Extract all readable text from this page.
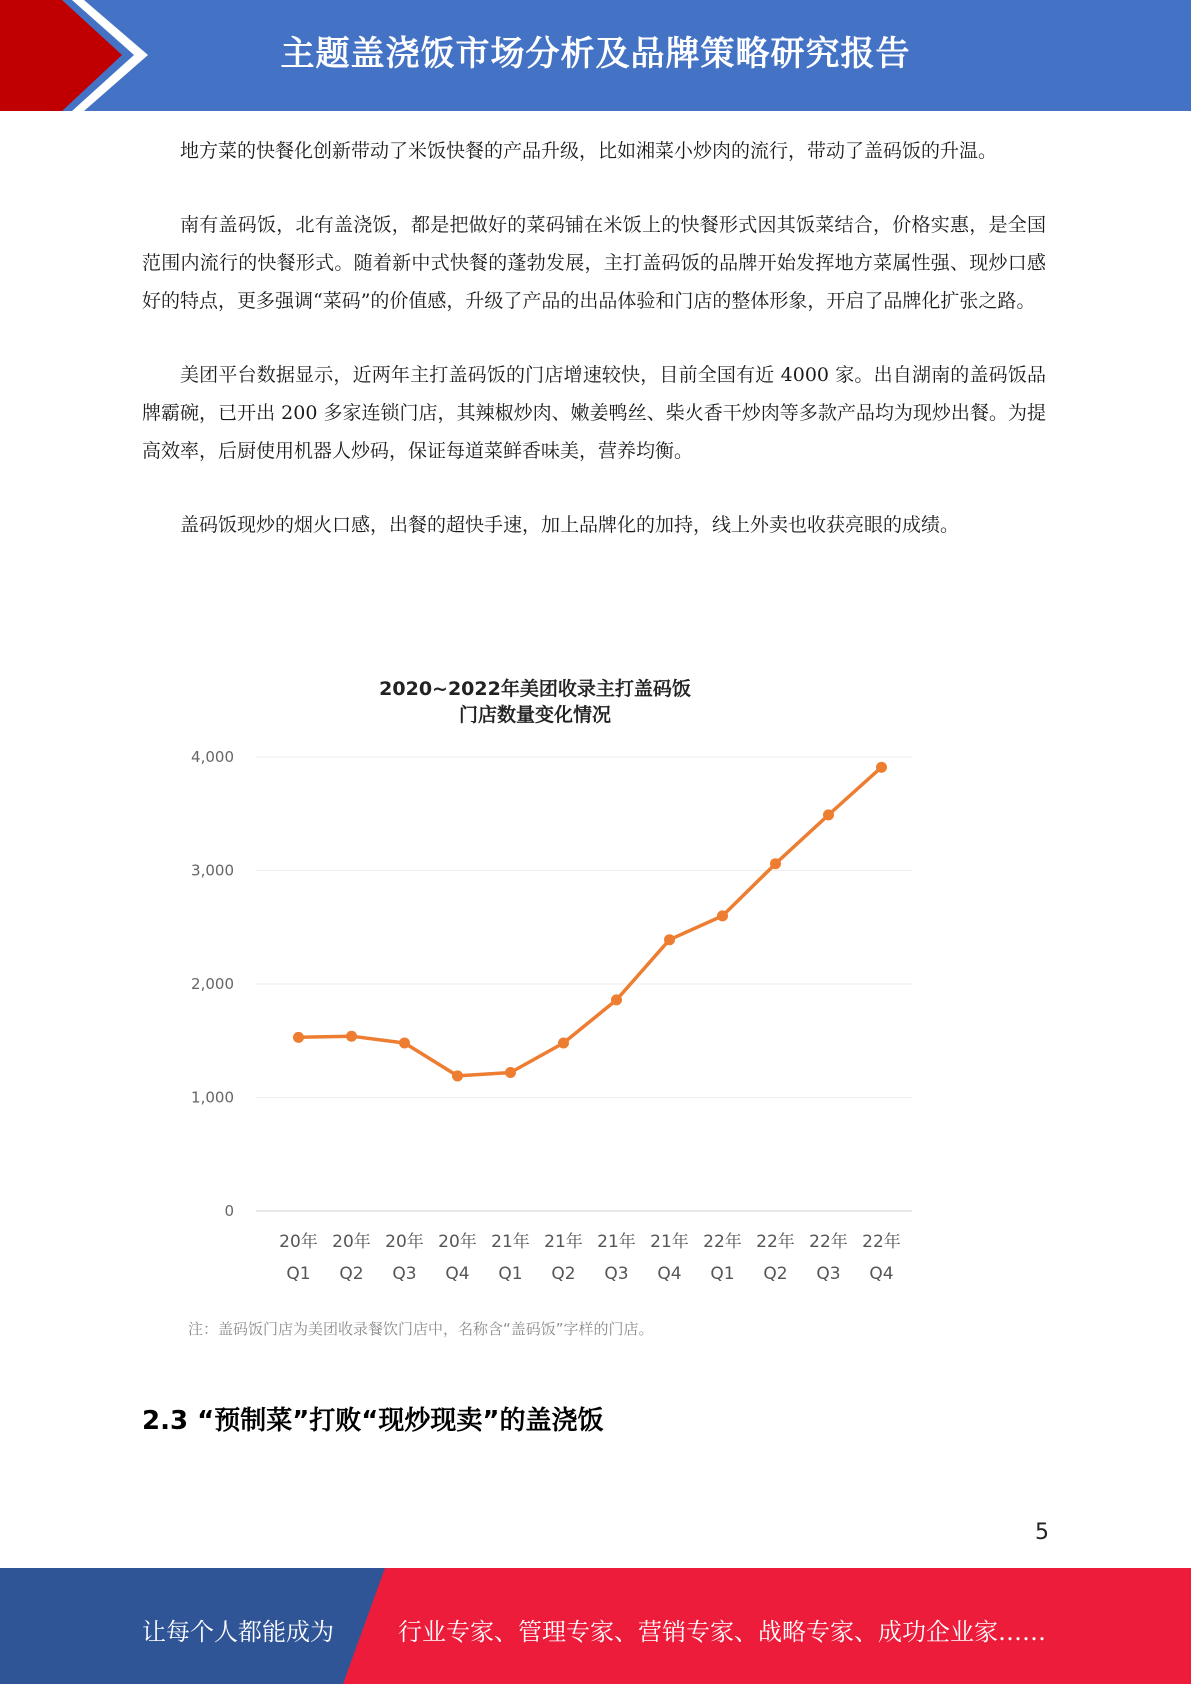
主题盖浇饭市场分析及品牌策略研究报告

地方菜的快餐化创新带动了米饭快餐的产品升级，比如湘菜小炒肉的流行，带动了盖码饭的升温。

南有盖码饭，北有盖浇饭，都是把做好的菜码铺在米饭上的快餐形式因其饭菜结合，价格实惠，是全国范围内流行的快餐形式。随着新中式快餐的蓬勃发展，主打盖码饭的品牌开始发挥地方菜属性强、现炒口感好的特点，更多强调“菜码”的价值感，升级了产品的出品体验和门店的整体形象，开启了品牌化扩张之路。

美团平台数据显示，近两年主打盖码饭的门店增速较快，目前全国有近 4000 家。出自湖南的盖码饭品牌霸碗，已开出 200 多家连锁门店，其辣椒炒肉、嫩姜鸭丝、柴火香干炒肉等多款产品均为现炒出餐。为提高效率，后厨使用机器人炒码，保证每道菜鲜香味美，营养均衡。

盖码饭现炒的烟火口感，出餐的超快手速，加上品牌化的加持，线上外卖也收获亮眼的成绩。

2020~2022年美团收录主打盖码饭
门店数量变化情况
0
1,000
2,000
3,000
4,000
20年
Q1
20年
Q2
20年
Q3
20年
Q4
21年
Q1
21年
Q2
21年
Q3
21年
Q4
22年
Q1
22年
Q2
22年
Q3
22年
Q4
注：盖码饭门店为美团收录餐饮门店中，名称含“盖码饭”字样的门店。
2.3 “预制菜”打败“现炒现卖”的盖浇饭
5
让每个人都能成为	行业专家、管理专家、营销专家、战略专家、成功企业家……
